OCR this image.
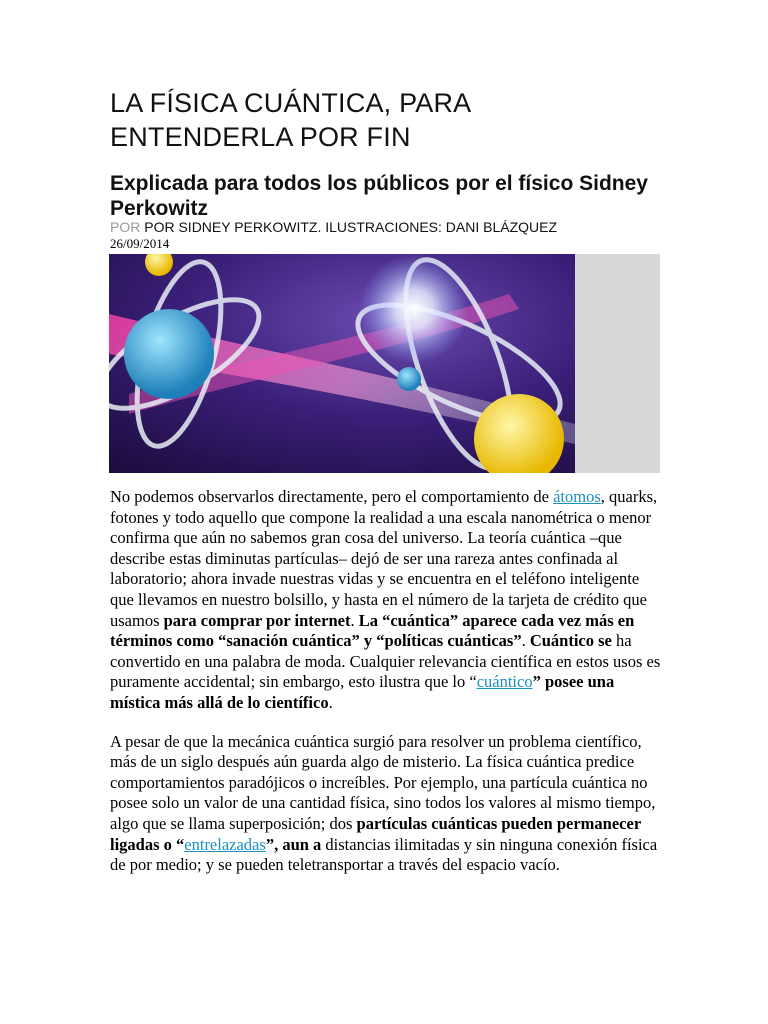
LA FÍSICA CUÁNTICA, PARA
ENTENDERLA POR FIN
Explicada para todos los públicos por el físico Sidney Perkowitz
POR POR SIDNEY PERKOWITZ. ILUSTRACIONES: DANI BLÁZQUEZ
26/09/2014

No podemos observarlos directamente, pero el comportamiento de átomos, quarks, fotones y todo aquello que compone la realidad a una escala nanométrica o menor confirma que aún no sabemos gran cosa del universo. La teoría cuántica –que describe estas diminutas partículas– dejó de ser una rareza antes confinada al laboratorio; ahora invade nuestras vidas y se encuentra en el teléfono inteligente que llevamos en nuestro bolsillo, y hasta en el número de la tarjeta de crédito que usamos para comprar por internet. La “cuántica” aparece cada vez más en términos como “sanación cuántica” y “políticas cuánticas”. Cuántico se ha convertido en una palabra de moda. Cualquier relevancia científica en estos usos es puramente accidental; sin embargo, esto ilustra que lo “cuántico” posee una mística más allá de lo científico.

A pesar de que la mecánica cuántica surgió para resolver un problema científico, más de un siglo después aún guarda algo de misterio. La física cuántica predice comportamientos paradójicos o increíbles. Por ejemplo, una partícula cuántica no posee solo un valor de una cantidad física, sino todos los valores al mismo tiempo, algo que se llama superposición; dos partículas cuánticas pueden permanecer ligadas o “entrelazadas”, aun a distancias ilimitadas y sin ninguna conexión física de por medio; y se pueden teletransportar a través del espacio vacío.
